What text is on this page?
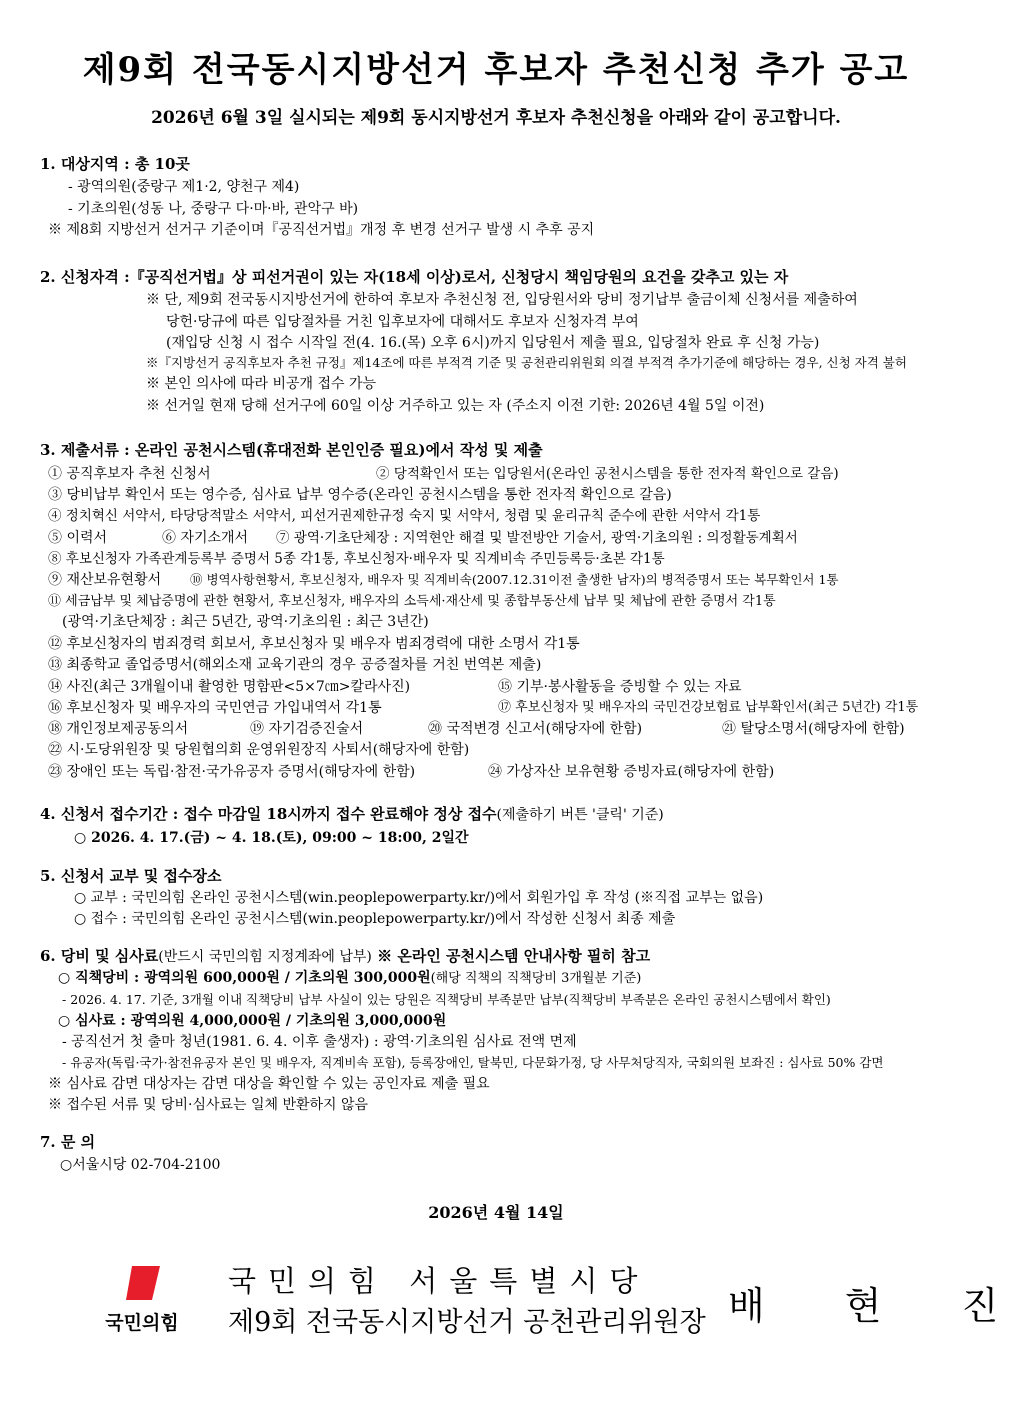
제9회 전국동시지방선거 후보자 추천신청 추가 공고
2026년 6월 3일 실시되는 제9회 동시지방선거 후보자 추천신청을 아래와 같이 공고합니다.
1. 대상지역 : 총 10곳
- 광역의원(중랑구 제1·2, 양천구 제4)
- 기초의원(성동 나, 중랑구 다·마·바, 관악구 바)
※ 제8회 지방선거 선거구 기준이며『공직선거법』개정 후 변경 선거구 발생 시 추후 공지
2. 신청자격 :『공직선거법』상 피선거권이 있는 자(18세 이상)로서, 신청당시 책임당원의 요건을 갖추고 있는 자
※ 단, 제9회 전국동시지방선거에 한하여 후보자 추천신청 전, 입당원서와 당비 정기납부 출금이체 신청서를 제출하여
당헌·당규에 따른 입당절차를 거친 입후보자에 대해서도 후보자 신청자격 부여
(재입당 신청 시 접수 시작일 전(4. 16.(목) 오후 6시)까지 입당원서 제출 필요, 입당절차 완료 후 신청 가능)
※『지방선거 공직후보자 추천 규정』제14조에 따른 부적격 기준 및 공천관리위원회 의결 부적격 추가기준에 해당하는 경우, 신청 자격 불허
※ 본인 의사에 따라 비공개 접수 가능
※ 선거일 현재 당해 선거구에 60일 이상 거주하고 있는 자 (주소지 이전 기한: 2026년 4월 5일 이전)
3. 제출서류 : 온라인 공천시스템(휴대전화 본인인증 필요)에서 작성 및 제출
① 공직후보자 추천 신청서	② 당적확인서 또는 입당원서(온라인 공천시스템을 통한 전자적 확인으로 갈음)
③ 당비납부 확인서 또는 영수증, 심사료 납부 영수증(온라인 공천시스템을 통한 전자적 확인으로 갈음)
④ 정치혁신 서약서, 타당당적말소 서약서, 피선거권제한규정 숙지 및 서약서, 청렴 및 윤리규칙 준수에 관한 서약서 각1통
⑤ 이력서	⑥ 자기소개서 ⑦ 광역·기초단체장 : 지역현안 해결 및 발전방안 기술서, 광역·기초의원 : 의정활동계획서
⑧ 후보신청자 가족관계등록부 증명서 5종 각1통, 후보신청자·배우자 및 직계비속 주민등록등·초본 각1통
⑨ 재산보유현황서 ⑩ 병역사항현황서, 후보신청자, 배우자 및 직계비속(2007.12.31이전 출생한 남자)의 병적증명서 또는 복무확인서 1통
⑪ 세금납부 및 체납증명에 관한 현황서, 후보신청자, 배우자의 소득세·재산세 및 종합부동산세 납부 및 체납에 관한 증명서 각1통
(광역·기초단체장 : 최근 5년간, 광역·기초의원 : 최근 3년간)
⑫ 후보신청자의 범죄경력 회보서, 후보신청자 및 배우자 범죄경력에 대한 소명서 각1통
⑬ 최종학교 졸업증명서(해외소재 교육기관의 경우 공증절차를 거친 번역본 제출)
⑭ 사진(최근 3개월이내 촬영한 명함판<5×7㎝>칼라사진)	⑮ 기부·봉사활동을 증빙할 수 있는 자료
⑯ 후보신청자 및 배우자의 국민연금 가입내역서 각1통	⑰ 후보신청자 및 배우자의 국민건강보험료 납부확인서(최근 5년간) 각1통
⑱ 개인정보제공동의서	⑲ 자기검증진술서	⑳ 국적변경 신고서(해당자에 한함)	㉑ 탈당소명서(해당자에 한함)
㉒ 시·도당위원장 및 당원협의회 운영위원장직 사퇴서(해당자에 한함)
㉓ 장애인 또는 독립·참전·국가유공자 증명서(해당자에 한함)	㉔ 가상자산 보유현황 증빙자료(해당자에 한함)
4. 신청서 접수기간 : 접수 마감일 18시까지 접수 완료해야 정상 접수(제출하기 버튼 '클릭' 기준)
○ 2026. 4. 17.(금) ~ 4. 18.(토), 09:00 ~ 18:00, 2일간
5. 신청서 교부 및 접수장소
○ 교부 : 국민의힘 온라인 공천시스템(win.peoplepowerparty.kr/)에서 회원가입 후 작성 (※직접 교부는 없음)
○ 접수 : 국민의힘 온라인 공천시스템(win.peoplepowerparty.kr/)에서 작성한 신청서 최종 제출
6. 당비 및 심사료(반드시 국민의힘 지정계좌에 납부) ※ 온라인 공천시스템 안내사항 필히 참고
○ 직책당비 : 광역의원 600,000원 / 기초의원 300,000원(해당 직책의 직책당비 3개월분 기준)
- 2026. 4. 17. 기준, 3개월 이내 직책당비 납부 사실이 있는 당원은 직책당비 부족분만 납부(직책당비 부족분은 온라인 공천시스템에서 확인)
○ 심사료 : 광역의원 4,000,000원 / 기초의원 3,000,000원
- 공직선거 첫 출마 청년(1981. 6. 4. 이후 출생자) : 광역·기초의원 심사료 전액 면제
- 유공자(독립·국가·참전유공자 본인 및 배우자, 직계비속 포함), 등록장애인, 탈북민, 다문화가정, 당 사무처당직자, 국회의원 보좌진 : 심사료 50% 감면
※ 심사료 감면 대상자는 감면 대상을 확인할 수 있는 공인자료 제출 필요
※ 접수된 서류 및 당비·심사료는 일체 반환하지 않음
7. 문 의
○서울시당 02-704-2100
2026년 4월 14일
국민의힘
국민의힘 서울특별시당
제9회 전국동시지방선거 공천관리위원장 배 현 진
